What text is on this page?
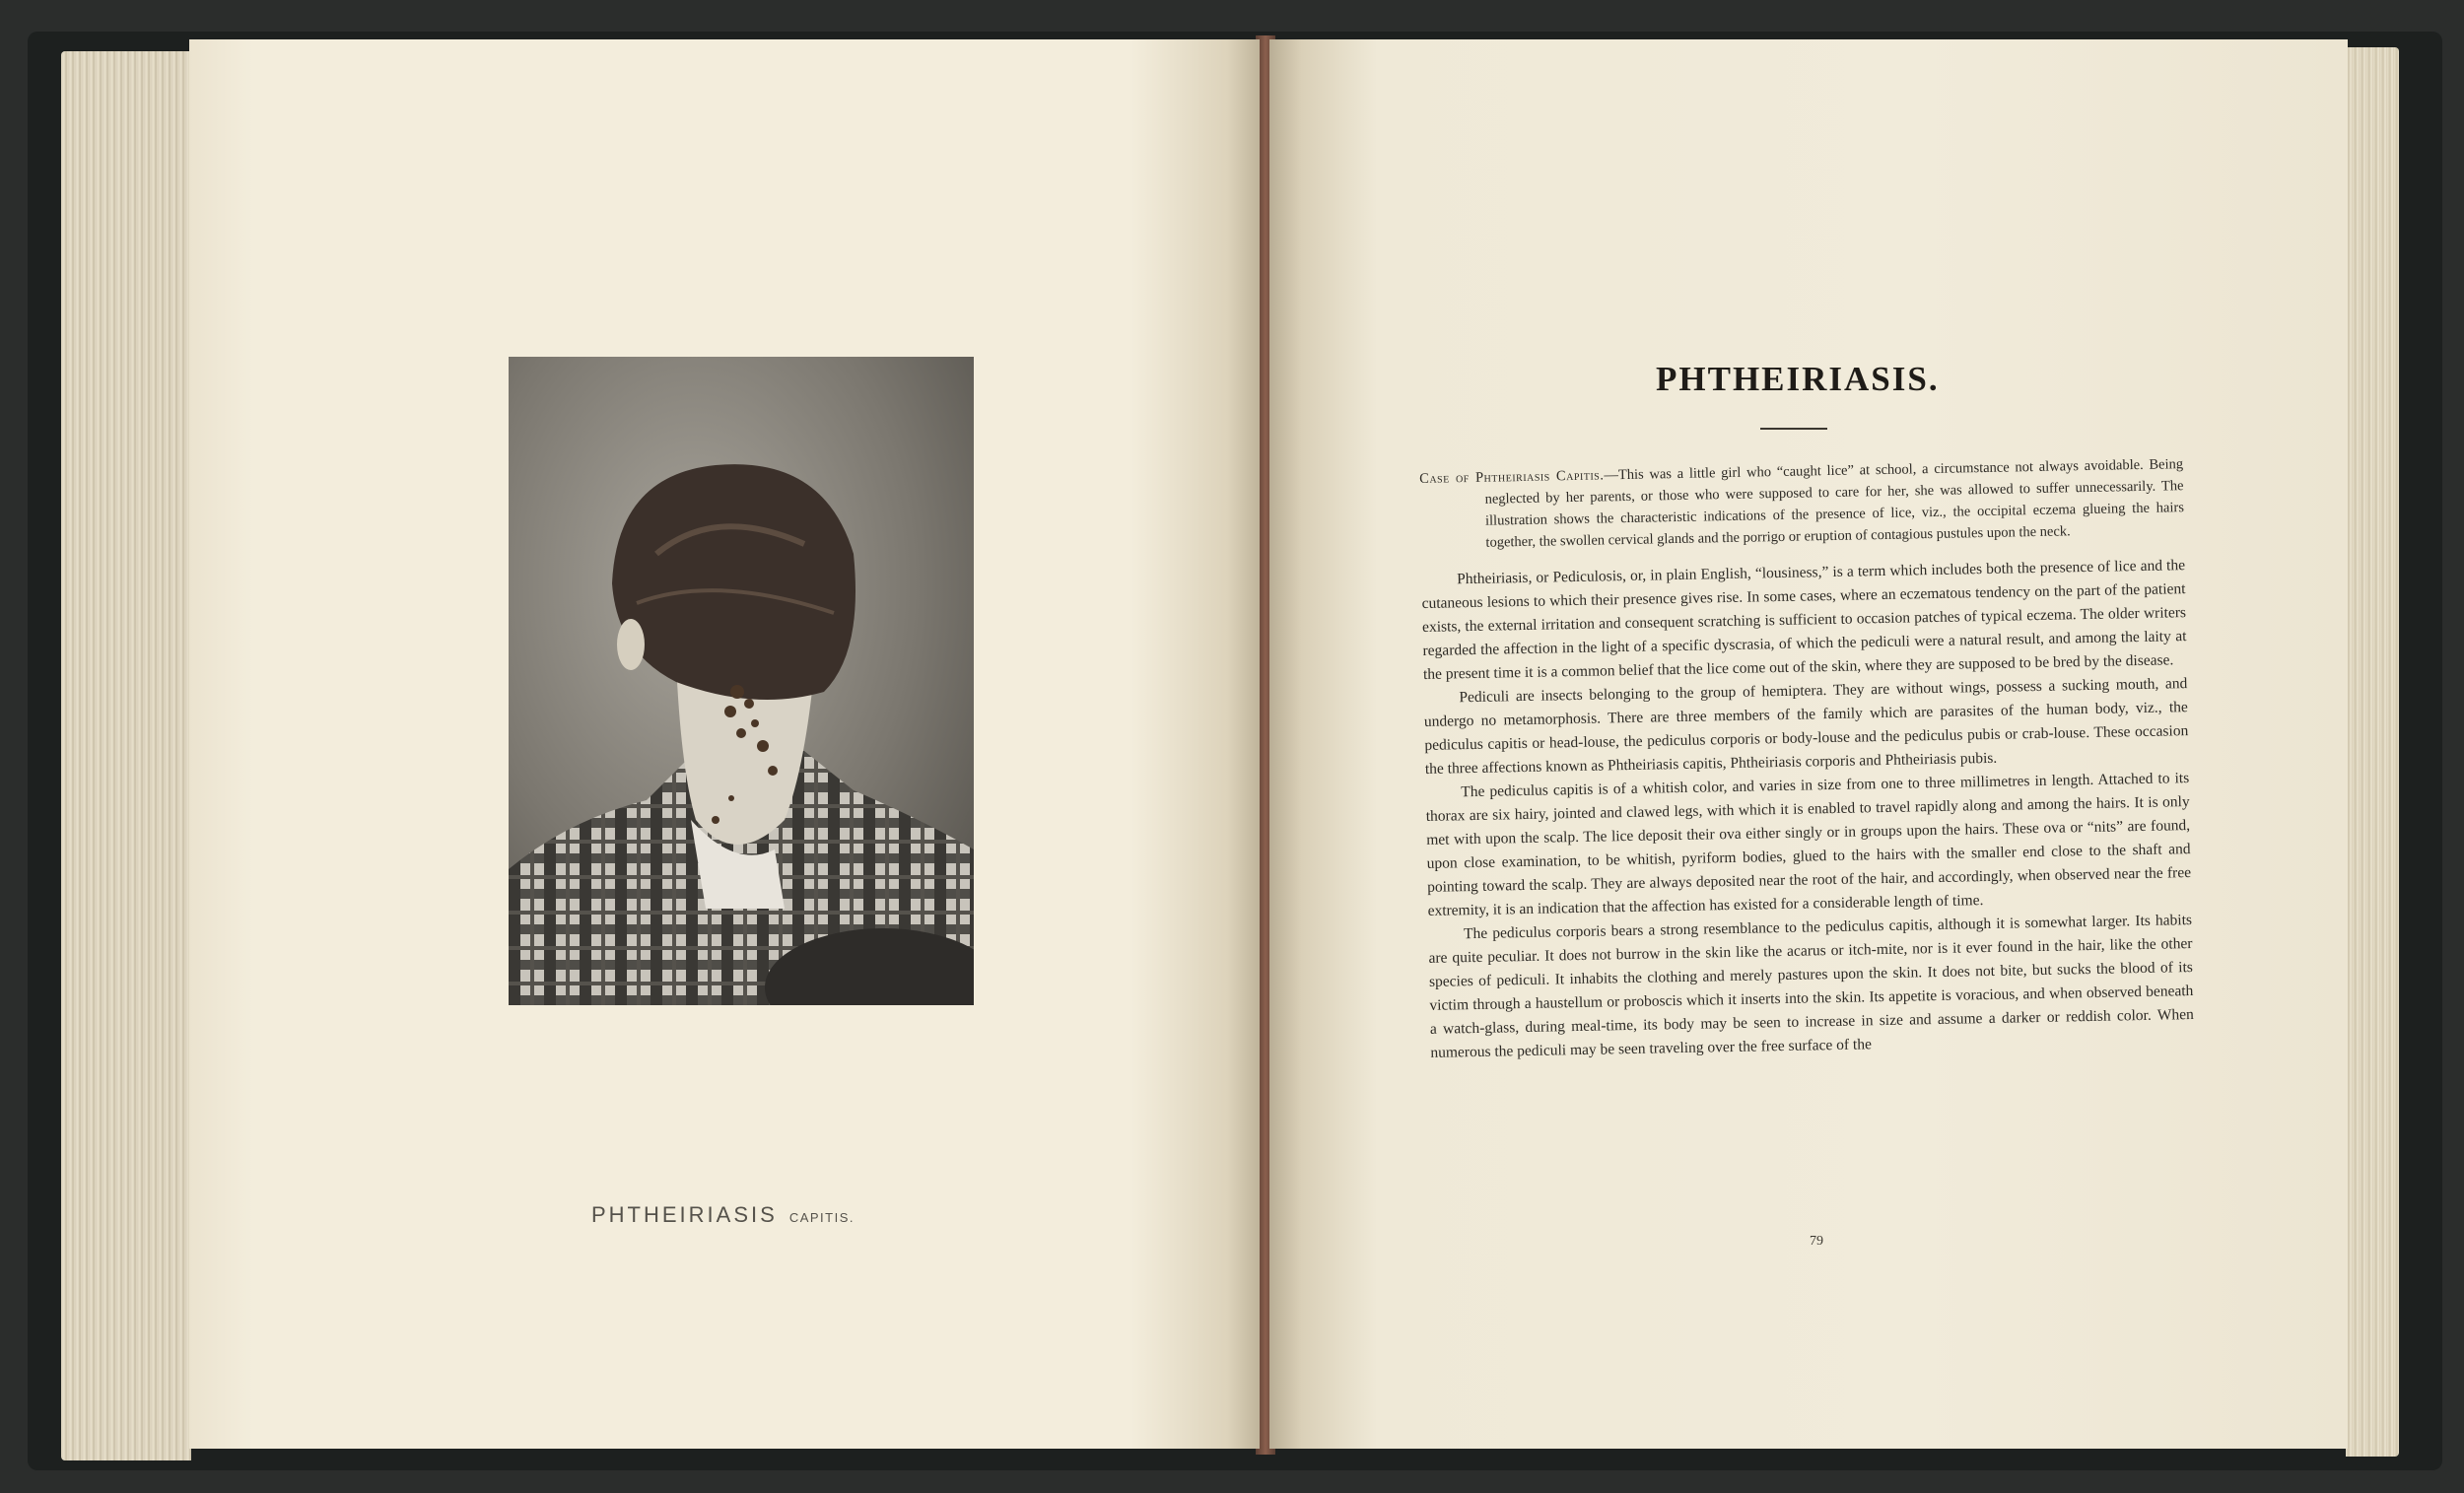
PHTHEIRIASIS CAPITIS.
PHTHEIRIASIS.

Case of Phtheiriasis Capitis.—This was a little girl who “caught lice” at school, a circumstance not always avoidable. Being neglected by her parents, or those who were supposed to care for her, she was allowed to suffer unnecessarily. The illustration shows the characteristic indications of the presence of lice, viz., the occipital eczema glueing the hairs together, the swollen cervical glands and the porrigo or eruption of contagious pustules upon the neck.

Phtheiriasis, or Pediculosis, or, in plain English, “lousiness,” is a term which includes both the presence of lice and the cutaneous lesions to which their presence gives rise. In some cases, where an eczematous tendency on the part of the patient exists, the external irritation and consequent scratching is sufficient to occasion patches of typical eczema. The older writers regarded the affection in the light of a specific dyscrasia, of which the pediculi were a natural result, and among the laity at the present time it is a common belief that the lice come out of the skin, where they are supposed to be bred by the disease.

Pediculi are insects belonging to the group of hemiptera. They are without wings, possess a sucking mouth, and undergo no metamorphosis. There are three members of the family which are parasites of the human body, viz., the pediculus capitis or head-louse, the pediculus corporis or body-louse and the pediculus pubis or crab-louse. These occasion the three affections known as Phtheiriasis capitis, Phtheiriasis corporis and Phtheiriasis pubis.

The pediculus capitis is of a whitish color, and varies in size from one to three millimetres in length. Attached to its thorax are six hairy, jointed and clawed legs, with which it is enabled to travel rapidly along and among the hairs. It is only met with upon the scalp. The lice deposit their ova either singly or in groups upon the hairs. These ova or “nits” are found, upon close examination, to be whitish, pyriform bodies, glued to the hairs with the smaller end close to the shaft and pointing toward the scalp. They are always deposited near the root of the hair, and accordingly, when observed near the free extremity, it is an indication that the affection has existed for a considerable length of time.

The pediculus corporis bears a strong resemblance to the pediculus capitis, although it is somewhat larger. Its habits are quite peculiar. It does not burrow in the skin like the acarus or itch-mite, nor is it ever found in the hair, like the other species of pediculi. It inhabits the clothing and merely pastures upon the skin. It does not bite, but sucks the blood of its victim through a haustellum or proboscis which it inserts into the skin. Its appetite is voracious, and when observed beneath a watch-glass, during meal-time, its body may be seen to increase in size and assume a darker or reddish color. When numerous the pediculi may be seen traveling over the free surface of the

79
